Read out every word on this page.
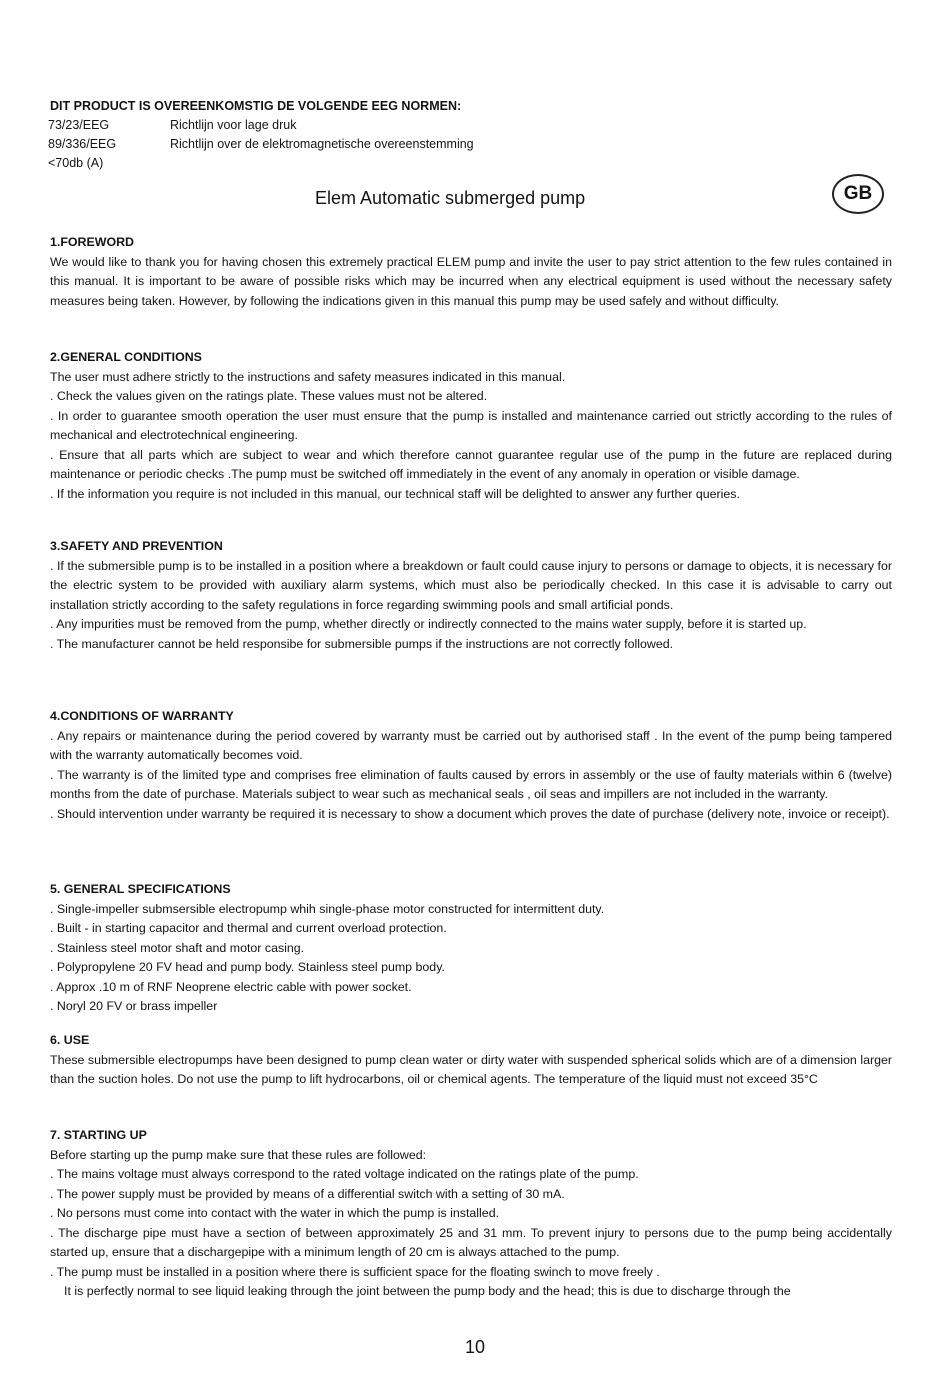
DIT PRODUCT IS OVEREENKOMSTIG DE VOLGENDE EEG NORMEN:
73/23/EEG	Richtlijn voor lage druk
89/336/EEG	Richtlijn over de elektromagnetische overeenstemming
<70db (A)
Elem Automatic submerged pump	GB
1.FOREWORD

We would like to thank you for having chosen this extremely practical ELEM pump and invite the user to pay strict attention to the few rules contained in this manual. It is important to be aware of possible risks which may be incurred when any electrical equipment is used without the necessary safety measures being taken. However, by following the indications given in this manual this pump may be used safely and without difficulty.

2.GENERAL CONDITIONS

The user must adhere strictly to the instructions and safety measures indicated in this manual.

. Check the values given on the ratings plate. These values must not be altered.

. In order to guarantee smooth operation the user must ensure that the pump is installed and maintenance carried out strictly according to the rules of mechanical and electrotechnical engineering.

. Ensure that all parts which are subject to wear and which therefore cannot guarantee regular use of the pump in the future are replaced during maintenance or periodic checks .The pump must be switched off immediately in the event of any anomaly in operation or visible damage.

. If the information you require is not included in this manual, our technical staff will be delighted to answer any further queries.

3.SAFETY AND PREVENTION

. If the submersible pump is to be installed in a position where a breakdown or fault could cause injury to persons or damage to objects, it is necessary for the electric system to be provided with auxiliary alarm systems, which must also be periodically checked. In this case it is advisable to carry out installation strictly according to the safety regulations in force regarding swimming pools and small artificial ponds.

. Any impurities must be removed from the pump, whether directly or indirectly connected to the mains water supply, before it is started up.

. The manufacturer cannot be held responsibe for submersible pumps if the instructions are not correctly followed.

4.CONDITIONS OF WARRANTY

. Any repairs or maintenance during the period covered by warranty must be carried out by authorised staff . In the event of the pump being tampered with the warranty automatically becomes void.

. The warranty is of the limited type and comprises free elimination of faults caused by errors in assembly or the use of faulty materials within 6 (twelve) months from the date of purchase. Materials subject to wear such as mechanical seals , oil seas and impillers are not included in the warranty.

. Should intervention under warranty be required it is necessary to show a document which proves the date of purchase (delivery note, invoice or receipt).

5. GENERAL SPECIFICATIONS

. Single-impeller submsersible electropump whih single-phase motor constructed for intermittent duty.

. Built - in starting capacitor and thermal and current overload protection.

. Stainless steel motor shaft and motor casing.

. Polypropylene 20 FV head and pump body. Stainless steel pump body.

. Approx .10 m of RNF Neoprene electric cable with power socket.

. Noryl 20 FV or brass impeller

6. USE

These submersible electropumps have been designed to pump clean water or dirty water with suspended spherical solids which are of a dimension larger than the suction holes. Do not use the pump to lift hydrocarbons, oil or chemical agents. The temperature of the liquid must not exceed 35°C

7. STARTING UP

Before starting up the pump make sure that these rules are followed:

. The mains voltage must always correspond to the rated voltage indicated on the ratings plate of the pump.

. The power supply must be provided by means of a differential switch with a setting of 30 mA.

. No persons must come into contact with the water in which the pump is installed.

. The discharge pipe must have a section of between approximately 25 and 31 mm. To prevent injury to persons due to the pump being accidentally started up, ensure that a dischargepipe with a minimum length of 20 cm is always attached to the pump.

. The pump must be installed in a position where there is sufficient space for the floating swinch to move freely .

It is perfectly normal to see liquid leaking through the joint between the pump body and the head; this is due to discharge through the

10
